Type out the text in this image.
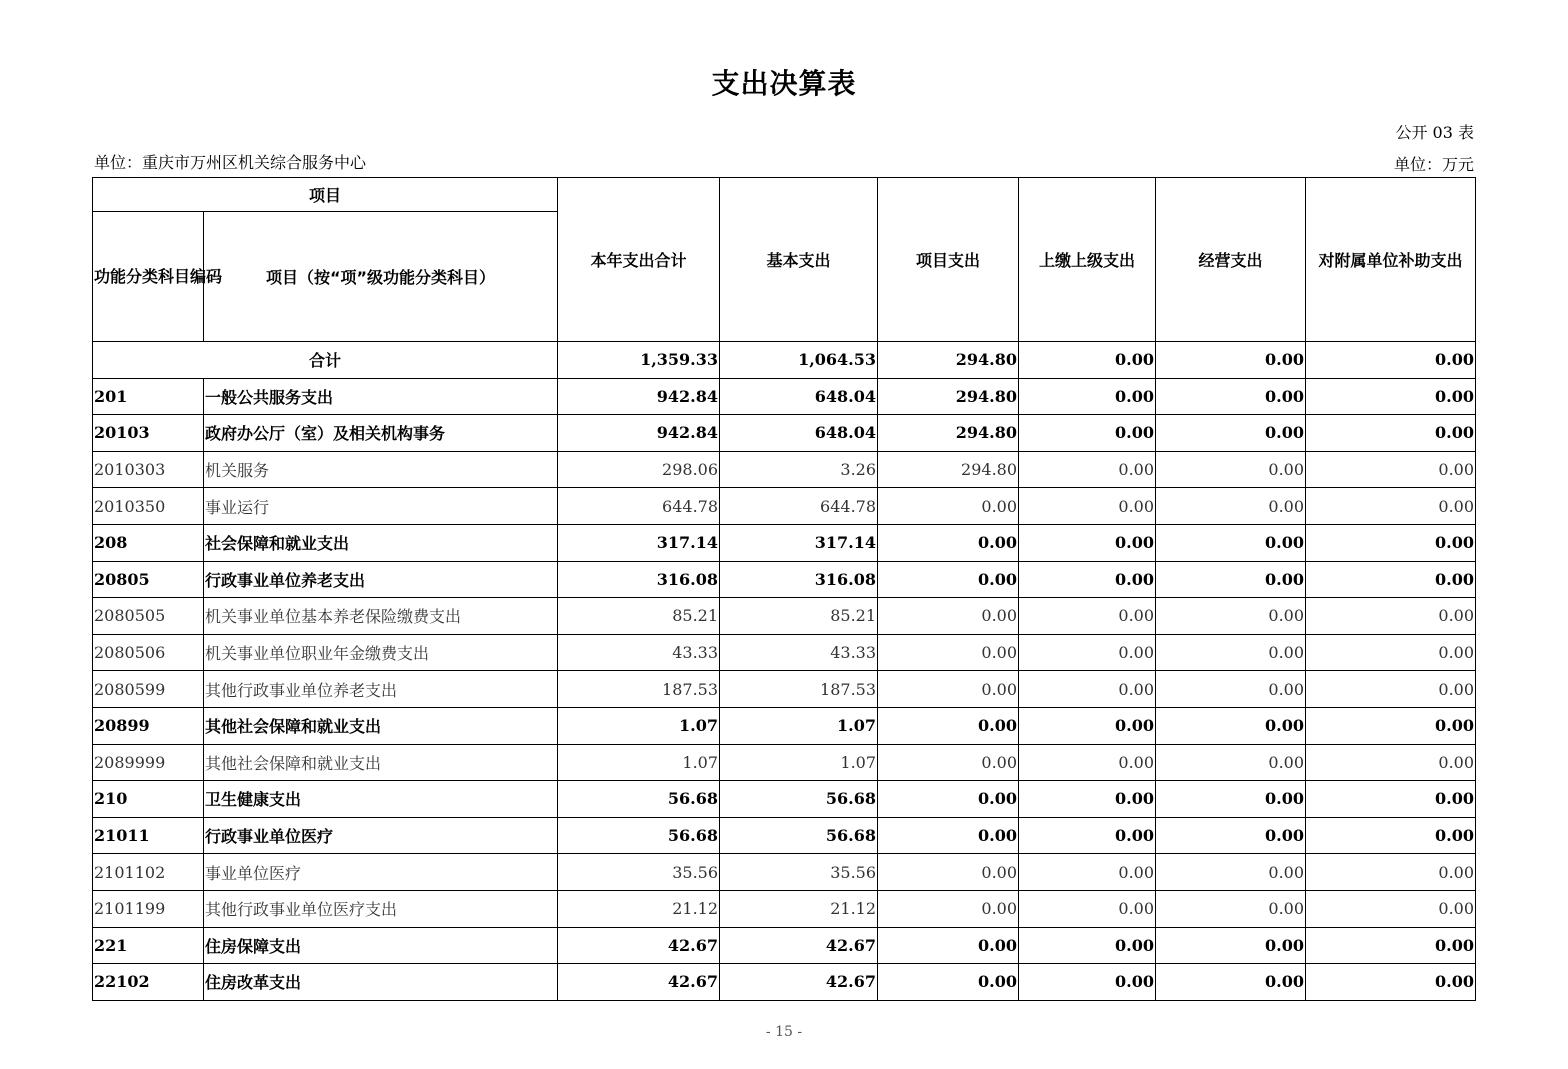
支出决算表
公开 03 表
单位：重庆市万州区机关综合服务中心	单位：万元
项目		本年支出合计	基本支出	项目支出	上缴上级支出	经营支出	对附属单位补助支出
功能分类科目编码	项目（按“项”级功能分类科目）						
合计		1,359.33	1,064.53	294.80	0.00	0.00	0.00
201	一般公共服务支出	942.84	648.04	294.80	0.00	0.00	0.00
20103	政府办公厅（室）及相关机构事务	942.84	648.04	294.80	0.00	0.00	0.00
2010303	机关服务	298.06	3.26	294.80	0.00	0.00	0.00
2010350	事业运行	644.78	644.78	0.00	0.00	0.00	0.00
208	社会保障和就业支出	317.14	317.14	0.00	0.00	0.00	0.00
20805	行政事业单位养老支出	316.08	316.08	0.00	0.00	0.00	0.00
2080505	机关事业单位基本养老保险缴费支出	85.21	85.21	0.00	0.00	0.00	0.00
2080506	机关事业单位职业年金缴费支出	43.33	43.33	0.00	0.00	0.00	0.00
2080599	其他行政事业单位养老支出	187.53	187.53	0.00	0.00	0.00	0.00
20899	其他社会保障和就业支出	1.07	1.07	0.00	0.00	0.00	0.00
2089999	其他社会保障和就业支出	1.07	1.07	0.00	0.00	0.00	0.00
210	卫生健康支出	56.68	56.68	0.00	0.00	0.00	0.00
21011	行政事业单位医疗	56.68	56.68	0.00	0.00	0.00	0.00
2101102	事业单位医疗	35.56	35.56	0.00	0.00	0.00	0.00
2101199	其他行政事业单位医疗支出	21.12	21.12	0.00	0.00	0.00	0.00
221	住房保障支出	42.67	42.67	0.00	0.00	0.00	0.00
22102	住房改革支出	42.67	42.67	0.00	0.00	0.00	0.00
- 15 -
